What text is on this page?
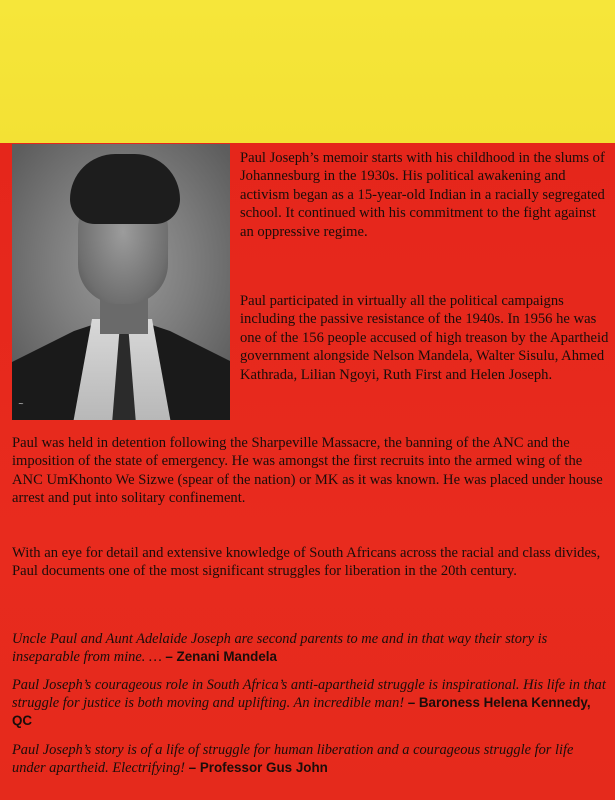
~

Paul Joseph’s memoir starts with his childhood in the slums of Johannesburg in the 1930s. His political awakening and activism began as a 15-year-old Indian in a racially segregated school. It continued with his commitment to the fight against an oppressive regime.

Paul participated in virtually all the political campaigns including the passive resistance of the 1940s. In 1956 he was one of the 156 people accused of high treason by the Apartheid government alongside Nelson Mandela, Walter Sisulu, Ahmed Kathrada, Lilian Ngoyi, Ruth First and Helen Joseph.

Paul was held in detention following the Sharpeville Massacre, the banning of the ANC and the imposition of the state of emergency. He was amongst the first recruits into the armed wing of the ANC UmKhonto We Sizwe (spear of the nation) or MK as it was known. He was placed under house arrest and put into solitary confinement.

With an eye for detail and extensive knowledge of South Africans across the racial and class divides, Paul documents one of the most significant struggles for liberation in the 20th century.

Uncle Paul and Aunt Adelaide Joseph are second parents to me and in that way their story is inseparable from mine. … – Zenani Mandela

Paul Joseph’s courageous role in South Africa’s anti-apartheid struggle is inspirational. His life in that struggle for justice is both moving and uplifting. An incredible man! – Baroness Helena Kennedy, QC

Paul Joseph’s story is of a life of struggle for human liberation and a courageous struggle for life under apartheid. Electrifying! – Professor Gus John
